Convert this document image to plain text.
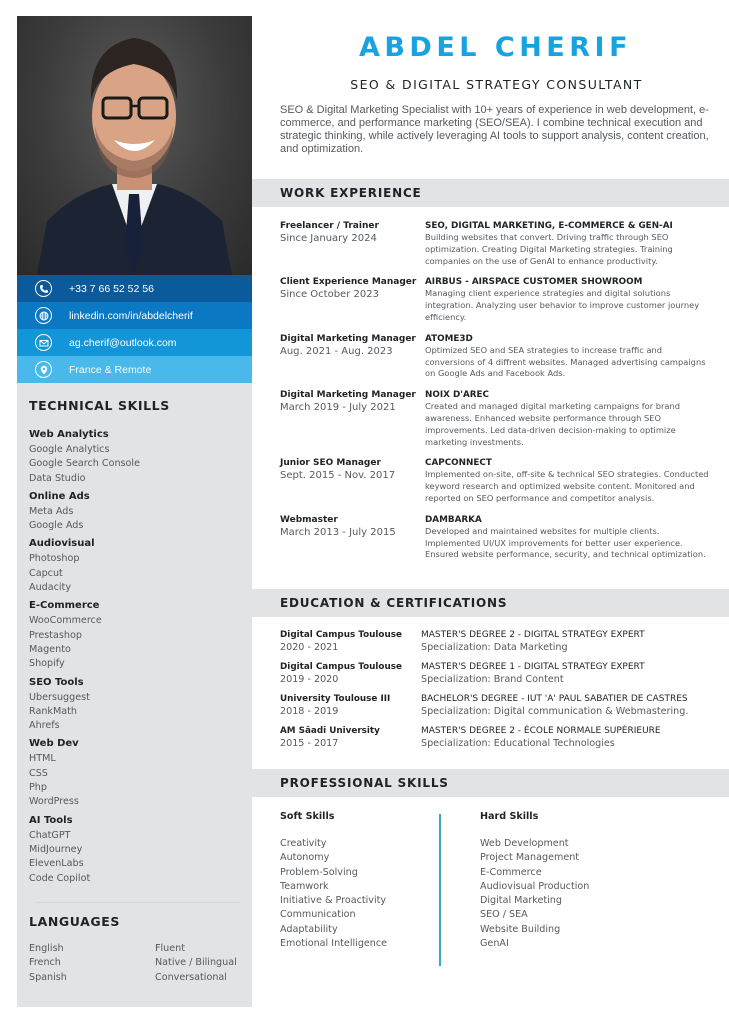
+33 7 66 52 52 56
linkedin.com/in/abdelcherif
ag.cherif@outlook.com
France & Remote
TECHNICAL SKILLS
Web Analytics
Google Analytics
Google Search Console
Data Studio
Online Ads
Meta Ads
Google Ads
Audiovisual
Photoshop
Capcut
Audacity
E-Commerce
WooCommerce
Prestashop
Magento
Shopify
SEO Tools
Ubersuggest
RankMath
Ahrefs
Web Dev
HTML
CSS
Php
WordPress
AI Tools
ChatGPT
MidJourney
ElevenLabs
Code Copilot
LANGUAGES
English	Fluent
French	Native / Bilingual
Spanish	Conversational
ABDEL CHERIF
SEO & DIGITAL STRATEGY CONSULTANT
SEO & Digital Marketing Specialist with 10+ years of experience in web development, e-commerce, and performance marketing (SEO/SEA). I combine technical execution and strategic thinking, while actively leveraging AI tools to support analysis, content creation, and optimization.
WORK EXPERIENCE
Freelancer / Trainer
Since January 2024
SEO, DIGITAL MARKETING, E-COMMERCE & GEN-AI
Building websites that convert. Driving traffic through SEO optimization. Creating Digital Marketing strategies. Training companies on the use of GenAI to enhance productivity.
Client Experience Manager
Since October 2023
AIRBUS - AIRSPACE CUSTOMER SHOWROOM
Managing client experience strategies and digital solutions integration. Analyzing user behavior to improve customer journey efficiency.
Digital Marketing Manager
Aug. 2021 - Aug. 2023
ATOME3D
Optimized SEO and SEA strategies to increase traffic and conversions of 4 diffrent websites. Managed advertising campaigns on Google Ads and Facebook Ads.
Digital Marketing Manager
March 2019 - July 2021
NOIX D'AREC
Created and managed digital marketing campaigns for brand awareness. Enhanced website performance through SEO improvements. Led data-driven decision-making to optimize marketing investments.
Junior SEO Manager
Sept. 2015 - Nov. 2017
CAPCONNECT
Implemented on-site, off-site & technical SEO strategies. Conducted keyword research and optimized website content. Monitored and reported on SEO performance and competitor analysis.
Webmaster
March 2013 - July 2015
DAMBARKA
Developed and maintained websites for multiple clients. Implemented UI/UX improvements for better user experience. Ensured website performance, security, and technical optimization.
EDUCATION & CERTIFICATIONS
Digital Campus Toulouse
2020 - 2021
MASTER'S DEGREE 2 - DIGITAL STRATEGY EXPERT
Specialization: Data Marketing
Digital Campus Toulouse
2019 - 2020
MASTER'S DEGREE 1 - DIGITAL STRATEGY EXPERT
Specialization: Brand Content
University Toulouse III
2018 - 2019
BACHELOR'S DEGREE - IUT 'A' PAUL SABATIER DE CASTRES
Specialization: Digital communication & Webmastering.
AM Sâadi University
2015 - 2017
MASTER'S DEGREE 2 - ÉCOLE NORMALE SUPÉRIEURE
Specialization: Educational Technologies
PROFESSIONAL SKILLS
Soft Skills
Creativity
Autonomy
Problem-Solving
Teamwork
Initiative & Proactivity
Communication
Adaptability
Emotional Intelligence
Hard Skills
Web Development
Project Management
E-Commerce
Audiovisual Production
Digital Marketing
SEO / SEA
Website Building
GenAI
